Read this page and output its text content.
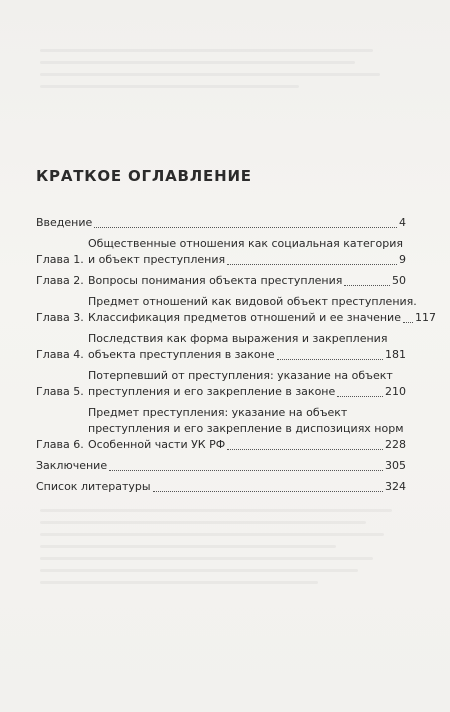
КРАТКОЕ ОГЛАВЛЕНИЕ
Введение	4
Глава 1.
Общественные отношения как социальная категория
и объект преступления	9
Глава 2. Вопросы понимания объекта преступления	50
Глава 3.
Предмет отношений как видовой объект преступления.
Классификация предметов отношений и ее значение 117
Глава 4.
Последствия как форма выражения и закрепления
объекта преступления в законе	181
Глава 5.
Потерпевший от преступления: указание на объект
преступления и его закрепление в законе	210
Глава 6.
Предмет преступления: указание на объект
преступления и его закрепление в диспозициях норм
Особенной части УК РФ	228
Заключение	305
Список литературы	324
